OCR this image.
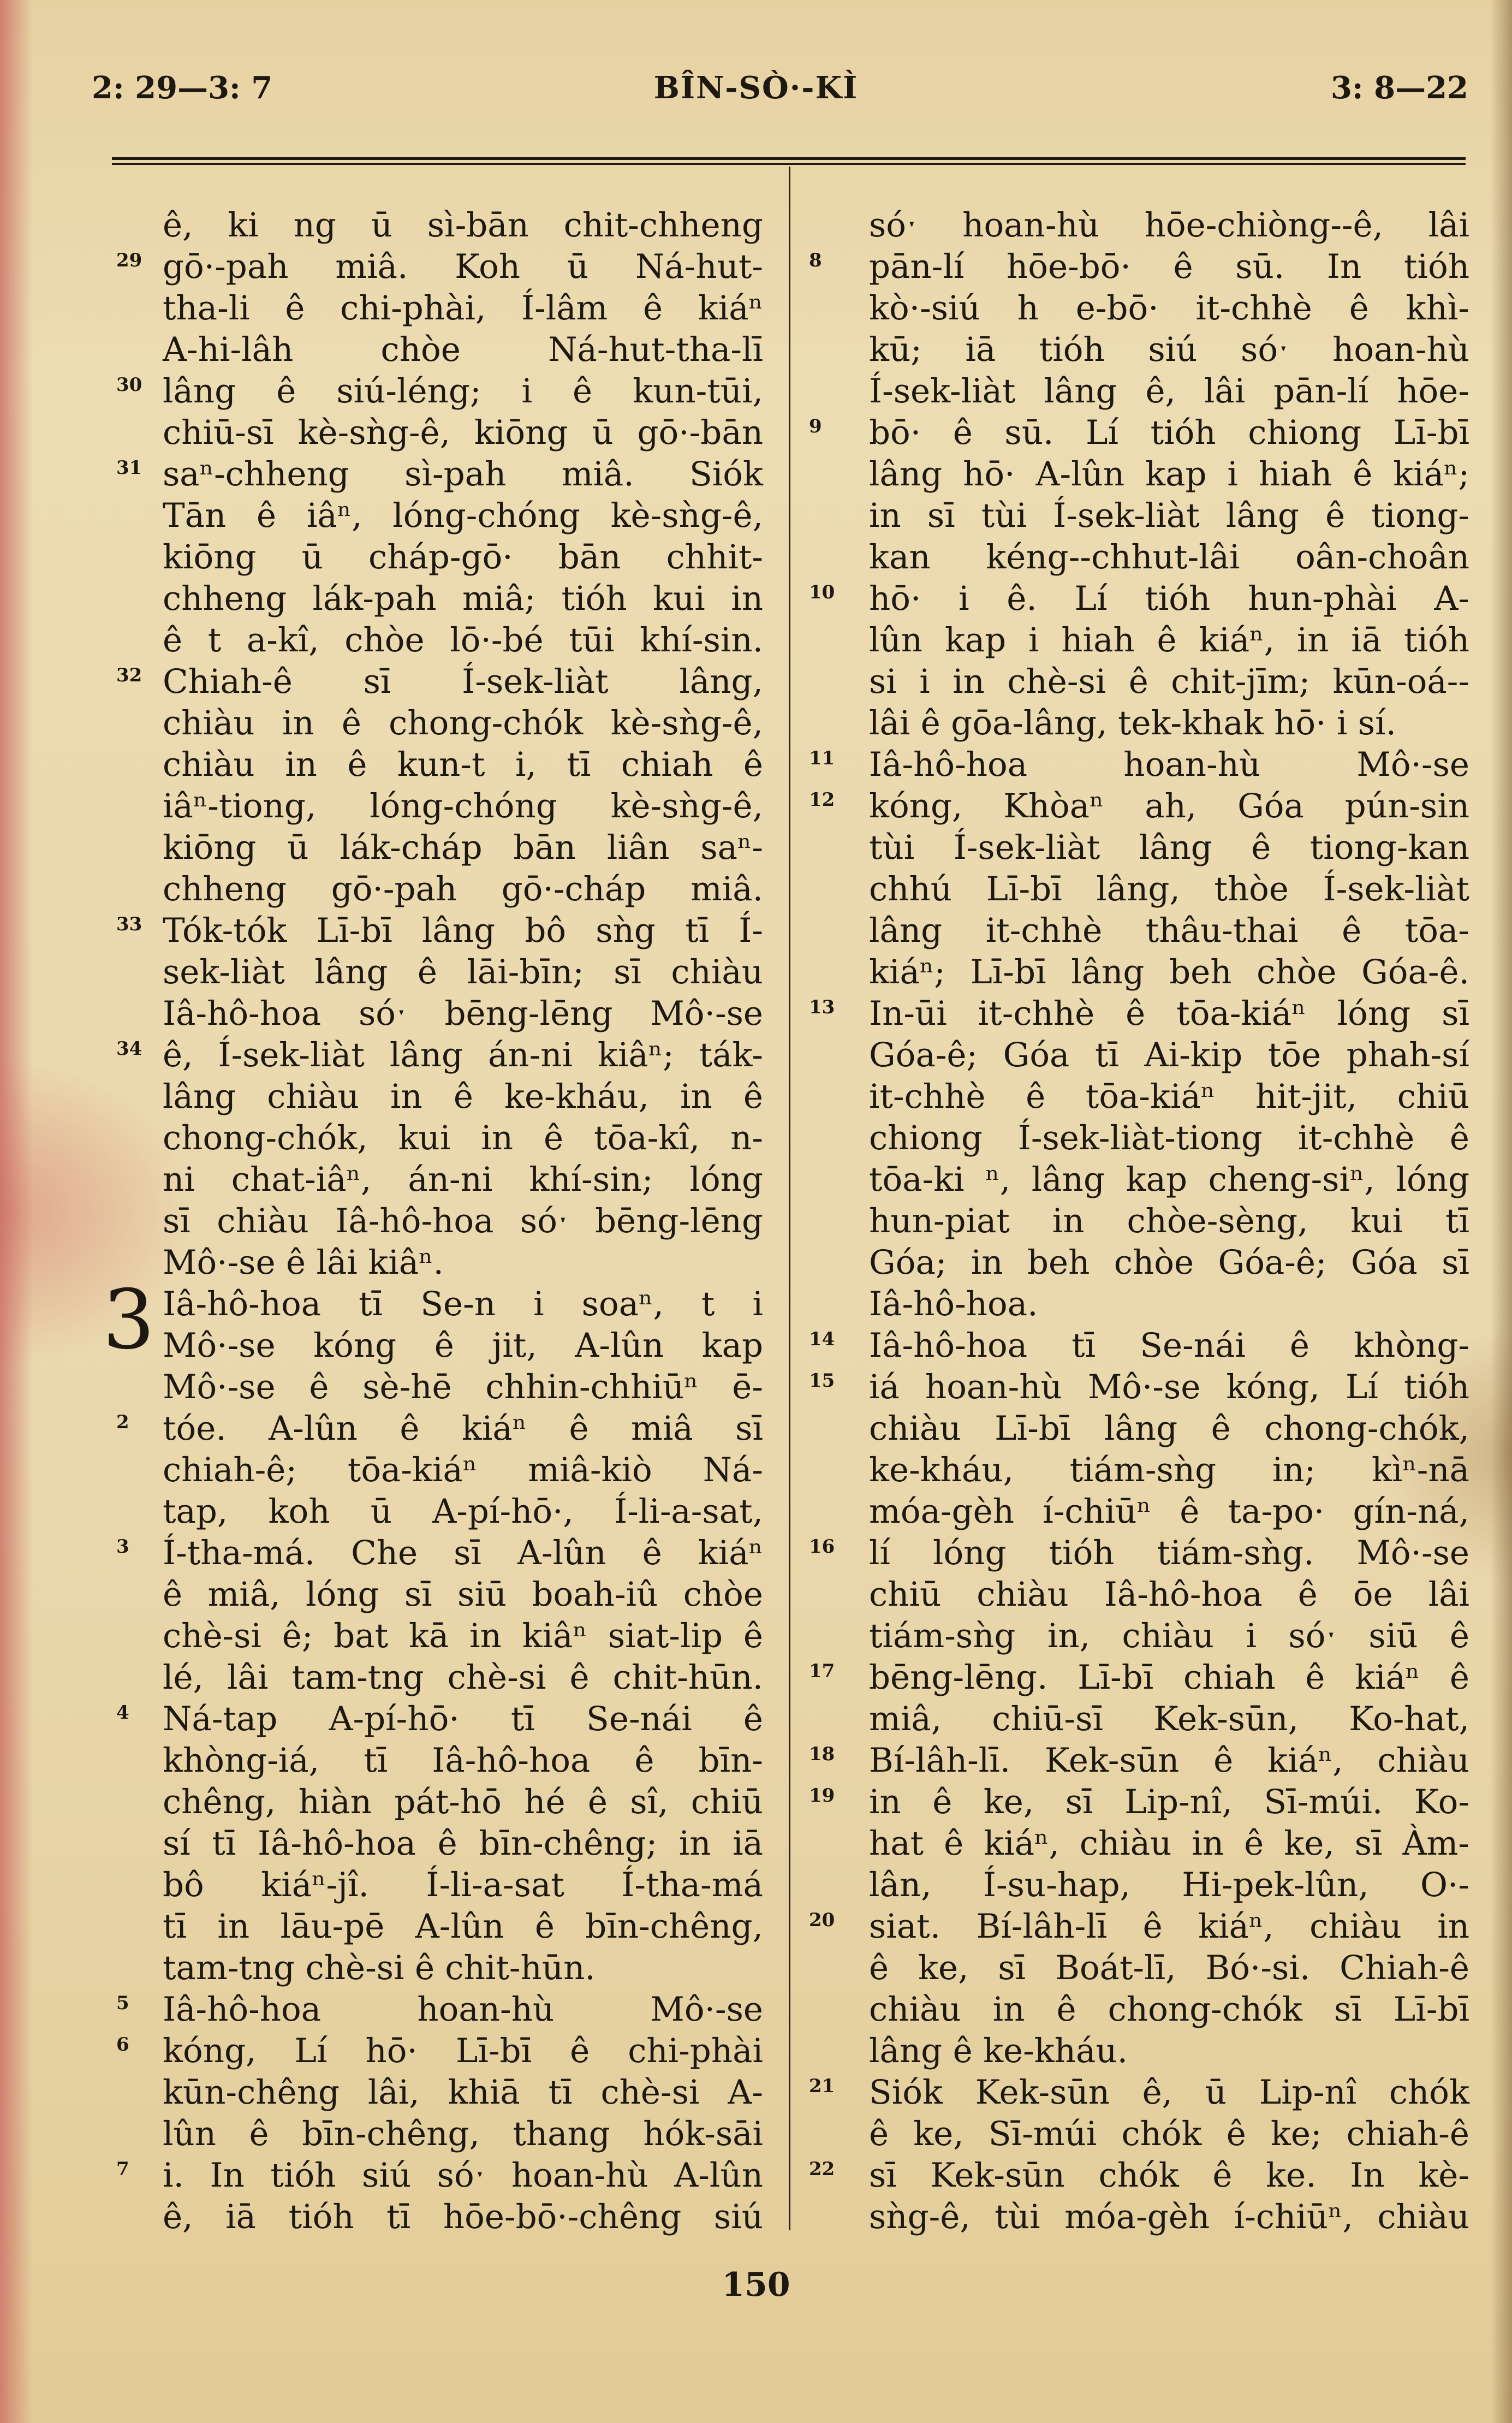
2: 29—3: 7	BÎN-SÒ·-KÌ	3: 8—22
ê, ki ng ū sì-bān chit-chheng
29 gō·-pah miâ. Koh ū Ná-hut-
tha-li ê chi-phài, Í-lâm ê kiáⁿ
A-hi-lâh chòe Ná-hut-tha-lī
30 lâng ê siú-léng; i ê kun-tūi,
chiū-sī kè-sǹg-ê, kiōng ū gō·-bān
31 saⁿ-chheng sì-pah miâ. Siók
Tān ê iâⁿ, lóng-chóng kè-sǹg-ê,
kiōng ū cháp-gō· bān chhit-
chheng lák-pah miâ; tióh kui in
ê t a-kî, chòe lō·-bé tūi khí-sin.
32 Chiah-ê sī Í-sek-liàt lâng,
chiàu in ê chong-chók kè-sǹg-ê,
chiàu in ê kun-t i, tī chiah ê
iâⁿ-tiong, lóng-chóng kè-sǹg-ê,
kiōng ū lák-cháp bān liân saⁿ-
chheng gō·-pah gō·-cháp miâ.
33 Tók-tók Lī-bī lâng bô sǹg tī Í-
sek-liàt lâng ê lāi-bīn; sī chiàu
Iâ-hô-hoa sóˑ bēng-lēng Mô·-se
34 ê, Í-sek-liàt lâng án-ni kiâⁿ; ták-
lâng chiàu in ê ke-kháu, in ê
chong-chók, kui in ê tōa-kî, n-
ni chat-iâⁿ, án-ni khí-sin; lóng
sī chiàu Iâ-hô-hoa sóˑ bēng-lēng
Mô·-se ê lâi kiâⁿ.
3 Iâ-hô-hoa tī Se-n i soaⁿ, t i
Mô·-se kóng ê jit, A-lûn kap
Mô·-se ê sè-hē chhin-chhiūⁿ ē-
2 tóe. A-lûn ê kiáⁿ ê miâ sī
chiah-ê; tōa-kiáⁿ miâ-kiò Ná-
tap, koh ū A-pí-hō·, Í-li-a-sat,
3 Í-tha-má. Che sī A-lûn ê kiáⁿ
ê miâ, lóng sī siū boah-iû chòe
chè-si ê; bat kā in kiâⁿ siat-lip ê
lé, lâi tam-tng chè-si ê chit-hūn.
4 Ná-tap A-pí-hō· tī Se-nái ê
khòng-iá, tī Iâ-hô-hoa ê bīn-
chêng, hiàn pát-hō hé ê sî, chiū
sí tī Iâ-hô-hoa ê bīn-chêng; in iā
bô kiáⁿ-jî. Í-li-a-sat Í-tha-má
tī in lāu-pē A-lûn ê bīn-chêng,
tam-tng chè-si ê chit-hūn.
5 Iâ-hô-hoa hoan-hù Mô·-se
6 kóng, Lí hō· Lī-bī ê chi-phài
kūn-chêng lâi, khiā tī chè-si A-
lûn ê bīn-chêng, thang hók-sāi
7 i. In tióh siú sóˑ hoan-hù A-lûn
ê, iā tióh tī hōe-bō·-chêng siú
sóˑ hoan-hù hōe-chiòng--ê, lâi
8 pān-lí hōe-bō· ê sū. In tióh
kò·-siú h e-bō· it-chhè ê khì-
kū; iā tióh siú sóˑ hoan-hù
Í-sek-liàt lâng ê, lâi pān-lí hōe-
9 bō· ê sū. Lí tióh chiong Lī-bī
lâng hō· A-lûn kap i hiah ê kiáⁿ;
in sī tùi Í-sek-liàt lâng ê tiong-
kan kéng--chhut-lâi oân-choân
10 hō· i ê. Lí tióh hun-phài A-
lûn kap i hiah ê kiáⁿ, in iā tióh
si i in chè-si ê chit-jīm; kūn-oá--
lâi ê gōa-lâng, tek-khak hō· i sí.
11 Iâ-hô-hoa hoan-hù Mô·-se
12 kóng, Khòaⁿ ah, Góa pún-sin
tùi Í-sek-liàt lâng ê tiong-kan
chhú Lī-bī lâng, thòe Í-sek-liàt
lâng it-chhè thâu-thai ê tōa-
kiáⁿ; Lī-bī lâng beh chòe Góa-ê.
13 In-ūi it-chhè ê tōa-kiáⁿ lóng sī
Góa-ê; Góa tī Ai-kip tōe phah-sí
it-chhè ê tōa-kiáⁿ hit-jit, chiū
chiong Í-sek-liàt-tiong it-chhè ê
tōa-ki ⁿ, lâng kap cheng-siⁿ, lóng
hun-piat in chòe-sèng, kui tī
Góa; in beh chòe Góa-ê; Góa sī
Iâ-hô-hoa.
14 Iâ-hô-hoa tī Se-nái ê khòng-
15 iá hoan-hù Mô·-se kóng, Lí tióh
chiàu Lī-bī lâng ê chong-chók,
ke-kháu, tiám-sǹg in; kìⁿ-nā
móa-gèh í-chiūⁿ ê ta-po· gín-ná,
16 lí lóng tióh tiám-sǹg. Mô·-se
chiū chiàu Iâ-hô-hoa ê ōe lâi
tiám-sǹg in, chiàu i sóˑ siū ê
17 bēng-lēng. Lī-bī chiah ê kiáⁿ ê
miâ, chiū-sī Kek-sūn, Ko-hat,
18 Bí-lâh-lī. Kek-sūn ê kiáⁿ, chiàu
19 in ê ke, sī Lip-nî, Sī-múi. Ko-
hat ê kiáⁿ, chiàu in ê ke, sī Àm-
lân, Í-su-hap, Hi-pek-lûn, O·-
20 siat. Bí-lâh-lī ê kiáⁿ, chiàu in
ê ke, sī Boát-lī, Bó·-si. Chiah-ê
chiàu in ê chong-chók sī Lī-bī
lâng ê ke-kháu.
21 Siók Kek-sūn ê, ū Lip-nî chók
ê ke, Sī-múi chók ê ke; chiah-ê
22 sī Kek-sūn chók ê ke. In kè-
sǹg-ê, tùi móa-gèh í-chiūⁿ, chiàu
150
